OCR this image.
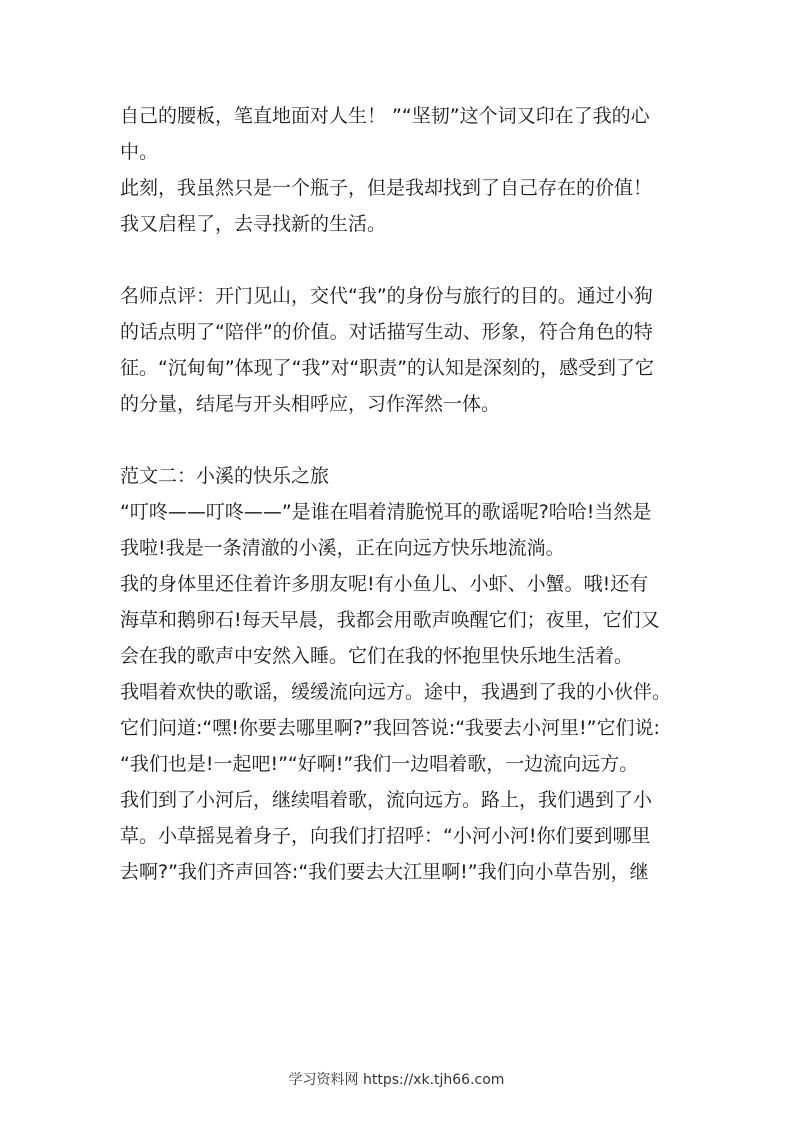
自己的腰板，笔直地面对人生！ ”“坚韧”这个词又印在了我的心
中。
此刻，我虽然只是一个瓶子，但是我却找到了自己存在的价值！
我又启程了，去寻找新的生活。
名师点评：开门见山，交代“我”的身份与旅行的目的。通过小狗
的话点明了“陪伴”的价值。对话描写生动、形象，符合角色的特
征。“沉甸甸”体现了“我”对“职责”的认知是深刻的，感受到了它
的分量，结尾与开头相呼应，习作浑然一体。
范文二：小溪的快乐之旅
“叮咚——叮咚——”是谁在唱着清脆悦耳的歌谣呢?哈哈!当然是
我啦!我是一条清澈的小溪，正在向远方快乐地流淌。
我的身体里还住着许多朋友呢!有小鱼儿、小虾、小蟹。哦!还有
海草和鹅卵石!每天早晨，我都会用歌声唤醒它们；夜里，它们又
会在我的歌声中安然入睡。它们在我的怀抱里快乐地生活着。
我唱着欢快的歌谣，缓缓流向远方。途中，我遇到了我的小伙伴。
它们问道:“嘿!你要去哪里啊?”我回答说:“我要去小河里!”它们说:
“我们也是!一起吧!”“好啊!”我们一边唱着歌，一边流向远方。
我们到了小河后，继续唱着歌，流向远方。路上，我们遇到了小
草。小草摇晃着身子，向我们打招呼：“小河小河!你们要到哪里
去啊?”我们齐声回答:“我们要去大江里啊!”我们向小草告别，继
学习资料网 https://xk.tjh66.com
